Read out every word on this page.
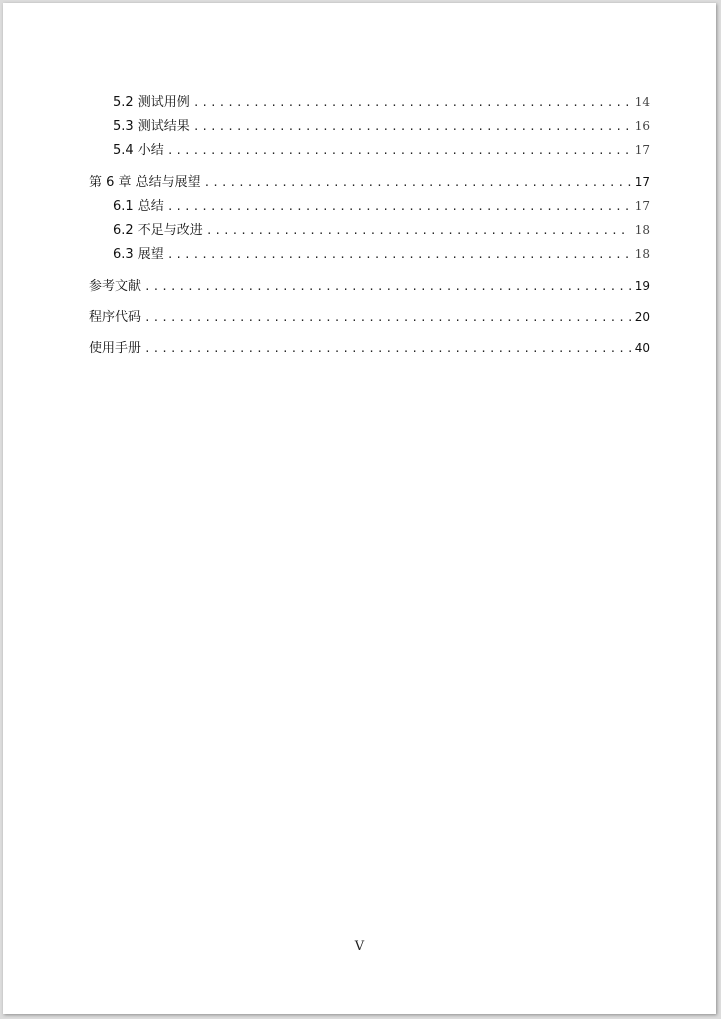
5.2 测试用例 .....	14
5.3 测试结果 .....	16
5.4 小结 .....	17
第 6 章 总结与展望 .....	17
6.1 总结 .....	17
6.2 不足与改进 .....	18
6.3 展望 .....	18
参考文献 .....	19
程序代码 .....	20
使用手册 .....	40
V
